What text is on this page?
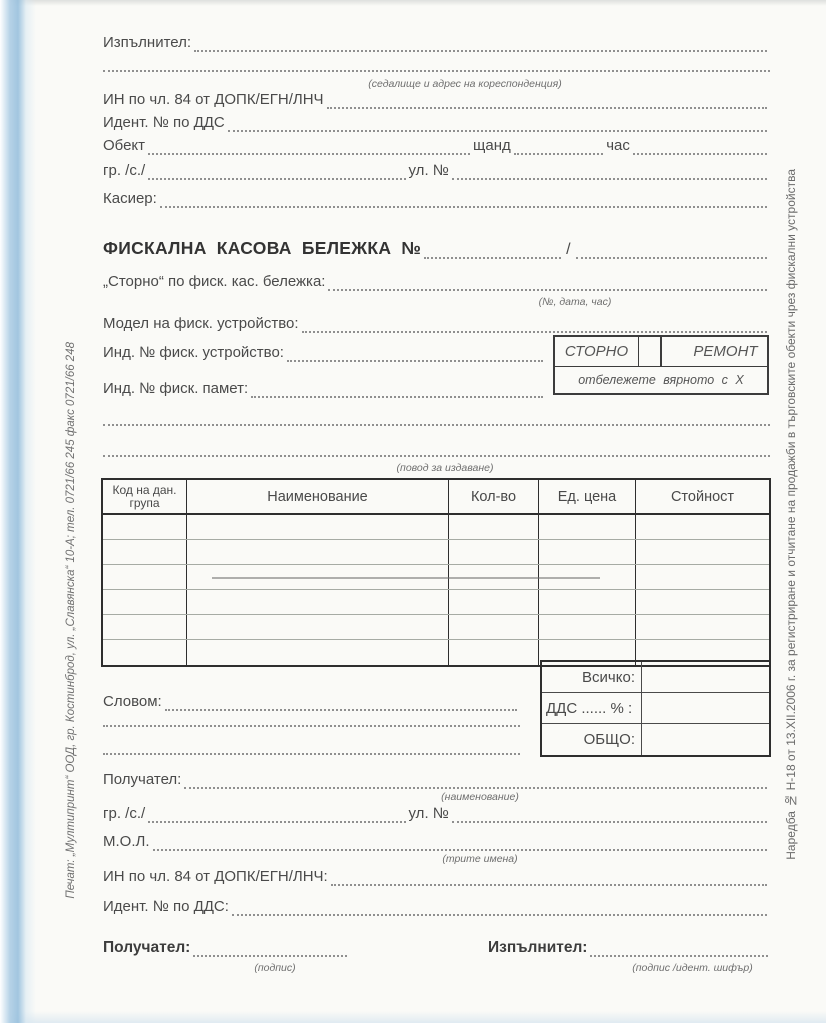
Изпълнител:
(седалище и адрес на кореспонденция)
ИН по чл. 84 от ДОПК/ЕГН/ЛНЧ
Идент. № по ДДС
Обект	щанд	час
гр. /с./	ул. №
Касиер:
ФИСКАЛНА КАСОВА БЕЛЕЖКА №	/
„Сторно“ по фиск. кас. бележка:
(№, дата, час)
Модел на фиск. устройство:
Инд. № фиск. устройство:
Инд. № фиск. памет:
СТОРНО	РЕМОНТ
отбележете вярното с X
(повод за издаване)
Код на дан. група	Наименование	Кол-во	Ед. цена	Стойност
Всичко:
ДДС ...... % :
ОБЩО:
Словом:
Получател:
(наименование)
гр. /с./	ул. №
М.О.Л.
(трите имена)
ИН по чл. 84 от ДОПК/ЕГН/ЛНЧ:
Идент. № по ДДС:
Получател:
(подпис)
Изпълнител:
(подпис /идент. шифър)
Печат: „Мултипринт“ ООД, гр. Костинброд, ул. „Славянска“ 10-А; тел. 0721/66 245 факс 0721/66 248	Наредба № Н-18 от 13.XII.2006 г. за регистриране и отчитане на продажби в търговските обекти чрез фискални устройства
